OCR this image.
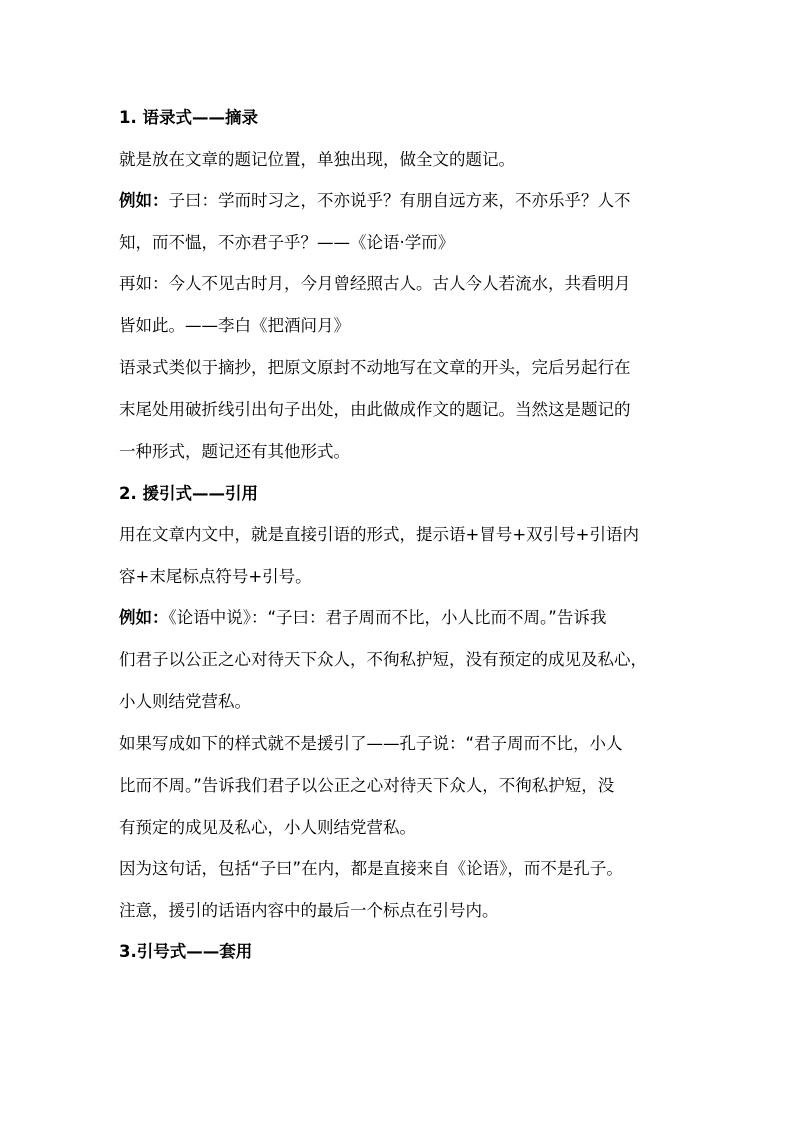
1. 语录式——摘录
就是放在文章的题记位置，单独出现，做全文的题记。
例如：子曰：学而时习之，不亦说乎？有朋自远方来，不亦乐乎？人不
知，而不愠，不亦君子乎？——《论语·学而》
再如：今人不见古时月，今月曾经照古人。古人今人若流水，共看明月
皆如此。——李白《把酒问月》
语录式类似于摘抄，把原文原封不动地写在文章的开头，完后另起行在
末尾处用破折线引出句子出处，由此做成作文的题记。当然这是题记的
一种形式，题记还有其他形式。
2. 援引式——引用
用在文章内文中，就是直接引语的形式，提示语+冒号+双引号+引语内
容+末尾标点符号+引号。
例如：《论语中说》：“子曰：君子周而不比，小人比而不周。”告诉我
们君子以公正之心对待天下众人，不徇私护短，没有预定的成见及私心，
小人则结党营私。
如果写成如下的样式就不是援引了——孔子说：“君子周而不比，小人
比而不周。”告诉我们君子以公正之心对待天下众人，不徇私护短，没
有预定的成见及私心，小人则结党营私。
因为这句话，包括“子曰”在内，都是直接来自《论语》，而不是孔子。
注意，援引的话语内容中的最后一个标点在引号内。
3.引号式——套用
